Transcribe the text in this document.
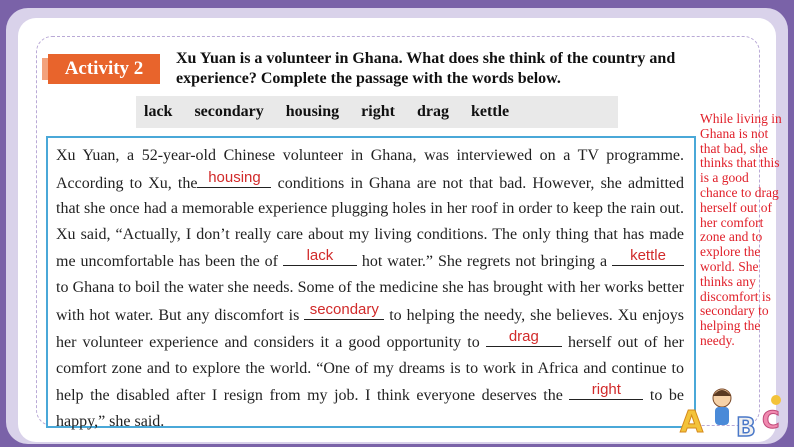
Activity 2	Xu Yuan is a volunteer in Ghana. What does she think of the country and experience? Complete the passage with the words below.
lack secondary housing right drag kettle
Xu Yuan, a 52-year-old Chinese volunteer in Ghana, was interviewed on a TV programme. According to Xu, the housing conditions in Ghana are not that bad. However, she admitted that she once had a memorable experience plugging holes in her roof in order to keep the rain out. Xu said, “Actually, I don’t really care about my living conditions. The only thing that has made me uncomfortable has been the of	lack	hot water.” She regrets not bringing a	kettle
to Ghana to boil the water she needs. Some of the medicine she has brought with her works better with hot water. But any discomfort is secondary to helping the needy, she believes. Xu enjoys her volunteer experience and considers it a good opportunity to	drag	herself out of her comfort zone and to explore the world. “One of my dreams is to work in Africa and continue to help the disabled after I resign from my job. I think everyone deserves the	right	to be happy,” she said.
While living in Ghana is not that bad, she thinks that this is a good chance to drag herself out of her comfort zone and to explore the world. She thinks any discomfort is secondary to helping the needy.
A B C
